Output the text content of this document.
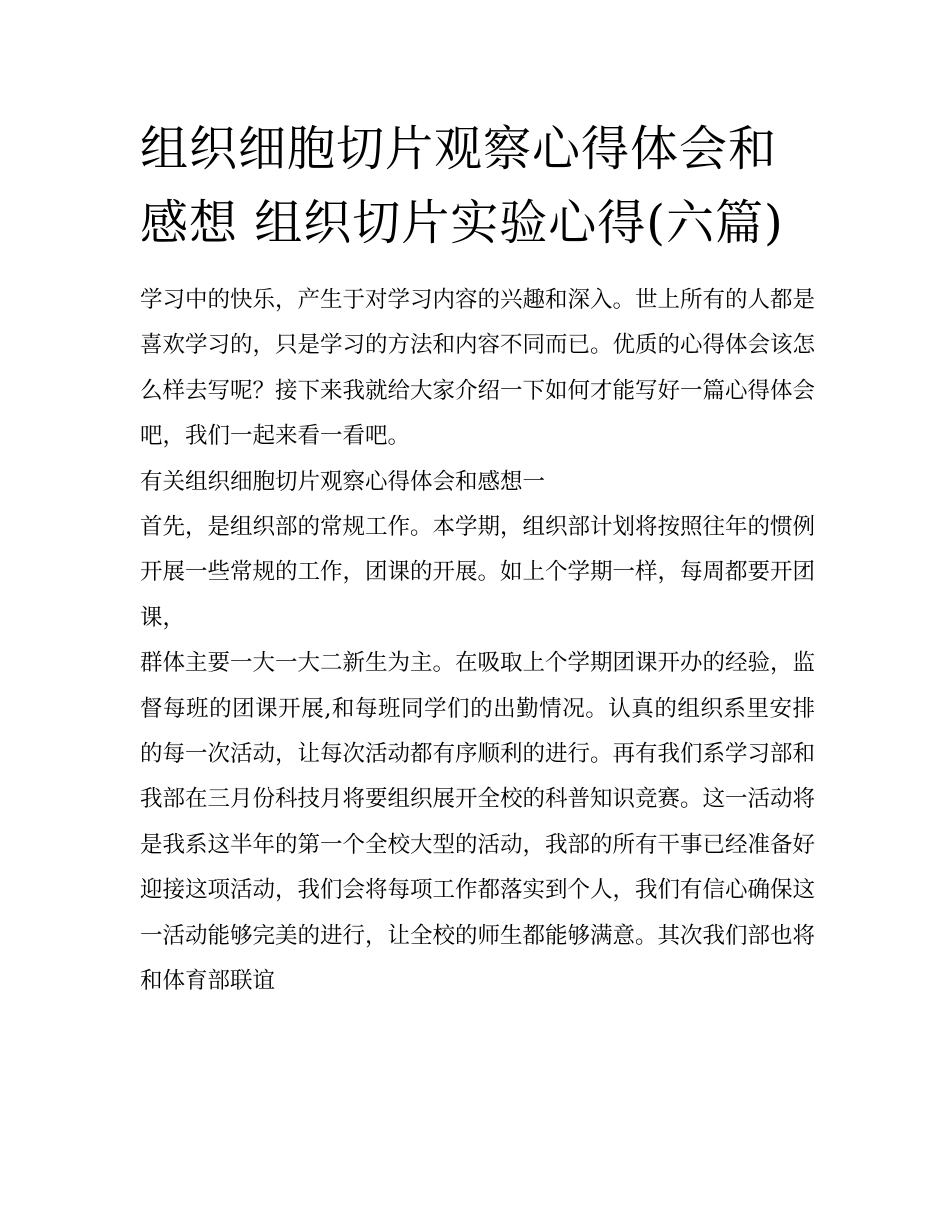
组织细胞切片观察心得体会和感想 组织切片实验心得(六篇)

学习中的快乐，产生于对学习内容的兴趣和深入。世上所有的人都是喜欢学习的，只是学习的方法和内容不同而已。优质的心得体会该怎么样去写呢？接下来我就给大家介绍一下如何才能写好一篇心得体会吧，我们一起来看一看吧。

有关组织细胞切片观察心得体会和感想一

首先，是组织部的常规工作。本学期，组织部计划将按照往年的惯例开展一些常规的工作，团课的开展。如上个学期一样，每周都要开团课，

群体主要一大一大二新生为主。在吸取上个学期团课开办的经验，监督每班的团课开展,和每班同学们的出勤情况。认真的组织系里安排的每一次活动，让每次活动都有序顺利的进行。再有我们系学习部和我部在三月份科技月将要组织展开全校的科普知识竞赛。这一活动将是我系这半年的第一个全校大型的活动，我部的所有干事已经准备好迎接这项活动，我们会将每项工作都落实到个人，我们有信心确保这一活动能够完美的进行，让全校的师生都能够满意。其次我们部也将和体育部联谊
